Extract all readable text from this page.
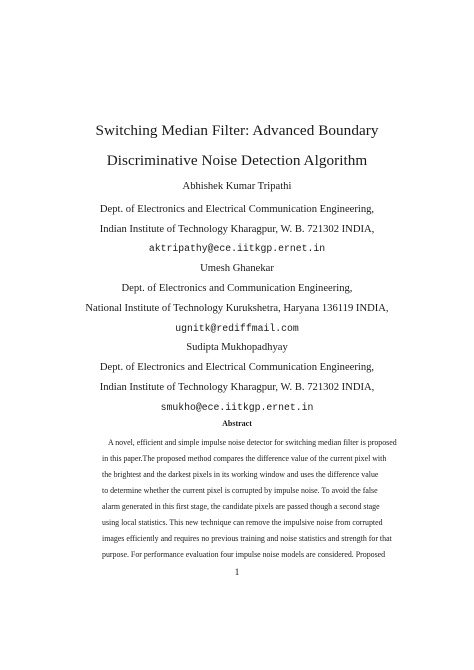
Switching Median Filter: Advanced Boundary
Discriminative Noise Detection Algorithm
Abhishek Kumar Tripathi
Dept. of Electronics and Electrical Communication Engineering,
Indian Institute of Technology Kharagpur, W. B. 721302 INDIA,
aktripathy@ece.iitkgp.ernet.in
Umesh Ghanekar
Dept. of Electronics and Communication Engineering,
National Institute of Technology Kurukshetra, Haryana 136119 INDIA,
ugnitk@rediffmail.com
Sudipta Mukhopadhyay
Dept. of Electronics and Electrical Communication Engineering,
Indian Institute of Technology Kharagpur, W. B. 721302 INDIA,
smukho@ece.iitkgp.ernet.in
Abstract
A novel, efficient and simple impulse noise detector for switching median filter is proposed
in this paper.The proposed method compares the difference value of the current pixel with
the brightest and the darkest pixels in its working window and uses the difference value
to determine whether the current pixel is corrupted by impulse noise. To avoid the false
alarm generated in this first stage, the candidate pixels are passed though a second stage
using local statistics. This new technique can remove the impulsive noise from corrupted
images efficiently and requires no previous training and noise statistics and strength for that
purpose. For performance evaluation four impulse noise models are considered. Proposed
1
